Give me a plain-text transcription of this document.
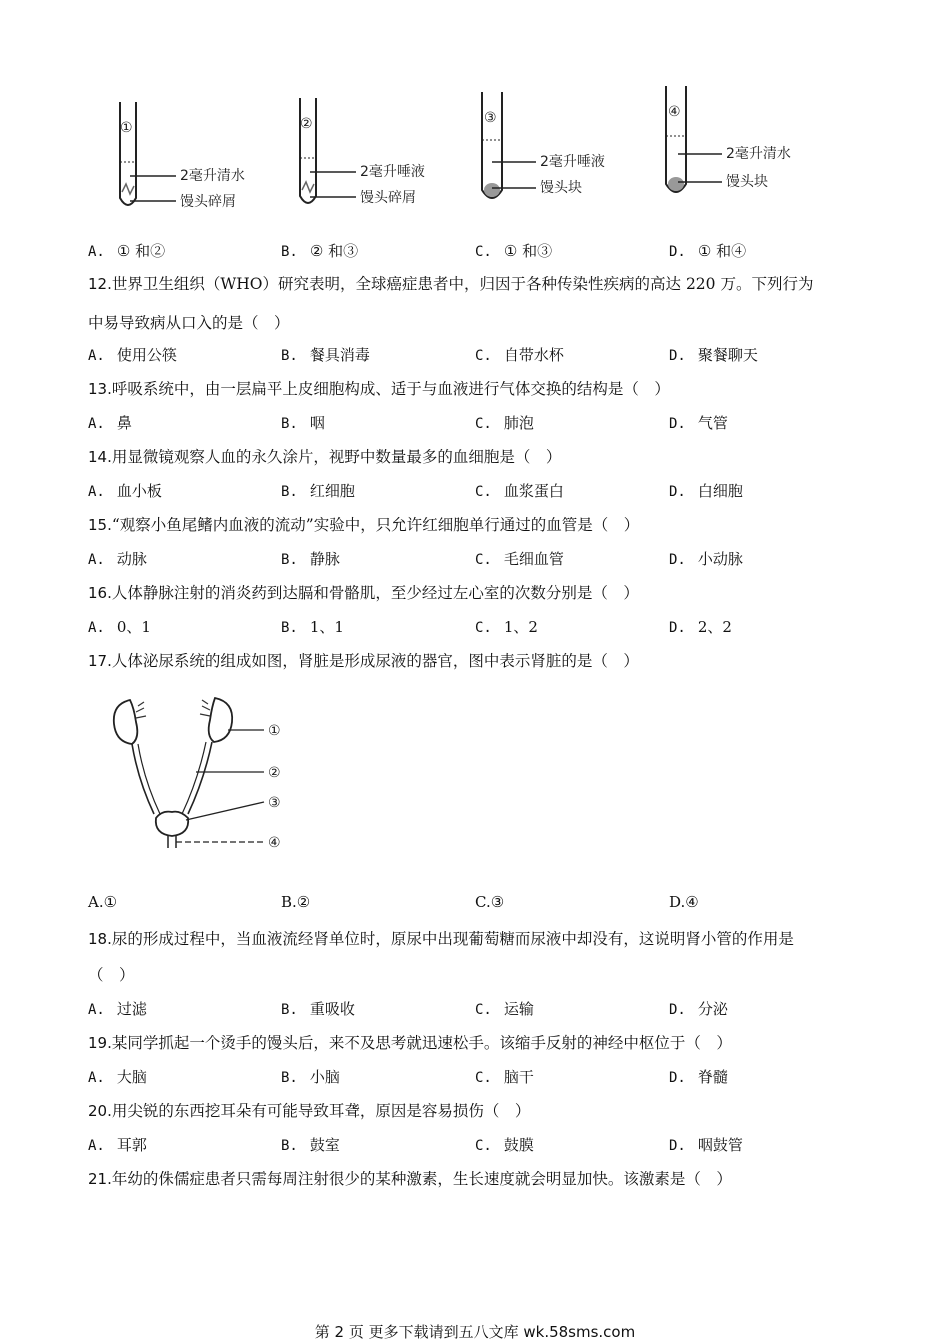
①
2毫升清水
馒头碎屑
②
2毫升唾液
馒头碎屑
③
2毫升唾液
馒头块
④
2毫升清水
馒头块
A. ① 和②	B. ② 和③	C. ① 和③	D. ① 和④
12.世界卫生组织（WHO）研究表明，全球癌症患者中，归因于各种传染性疾病的高达 220 万。下列行为
中易导致病从口入的是（　）
A. 使用公筷	B. 餐具消毒	C. 自带水杯	D. 聚餐聊天
13.呼吸系统中，由一层扁平上皮细胞构成、适于与血液进行气体交换的结构是（　）
A. 鼻	B. 咽	C. 肺泡	D. 气管
14.用显微镜观察人血的永久涂片，视野中数量最多的血细胞是（　）
A. 血小板	B. 红细胞	C. 血浆蛋白	D. 白细胞
15.“观察小鱼尾鳍内血液的流动”实验中，只允许红细胞单行通过的血管是（　）
A. 动脉	B. 静脉	C. 毛细血管	D. 小动脉
16.人体静脉注射的消炎药到达膈和骨骼肌，至少经过左心室的次数分别是（　）
A. 0、1	B. 1、1	C. 1、2	D. 2、2
17.人体泌尿系统的组成如图，肾脏是形成尿液的器官，图中表示肾脏的是（　）
①
②
③
④
A.①	B.②	C.③	D.④
18.尿的形成过程中，当血液流经肾单位时，原尿中出现葡萄糖而尿液中却没有，这说明肾小管的作用是
（　）
A. 过滤	B. 重吸收	C. 运输	D. 分泌
19.某同学抓起一个烫手的馒头后，来不及思考就迅速松手。该缩手反射的神经中枢位于（　）
A. 大脑	B. 小脑	C. 脑干	D. 脊髓
20.用尖锐的东西挖耳朵有可能导致耳聋，原因是容易损伤（　）
A. 耳郭	B. 鼓室	C. 鼓膜	D. 咽鼓管
21.年幼的侏儒症患者只需每周注射很少的某种激素，生长速度就会明显加快。该激素是（　）
第 2 页 更多下载请到五八文库 wk.58sms.com
